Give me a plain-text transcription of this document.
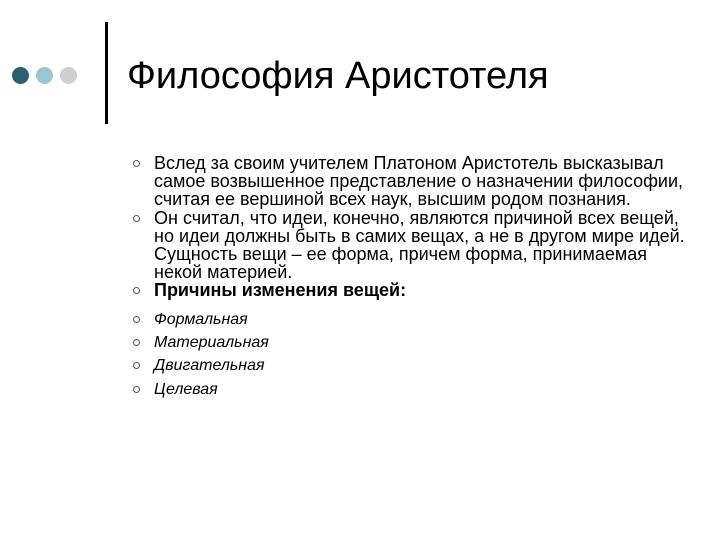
Философия Аристотеля
Вслед за своим учителем Платоном Аристотель высказывал самое возвышенное представление о назначении философии, считая ее вершиной всех наук, высшим родом познания.
Он считал, что идеи, конечно, являются причиной всех вещей, но идеи должны быть в самих вещах, а не в другом мире идей. Сущность вещи – ее форма, причем форма, принимаемая некой материей.
Причины изменения вещей:
Формальная
Материальная
Двигательная
Целевая
